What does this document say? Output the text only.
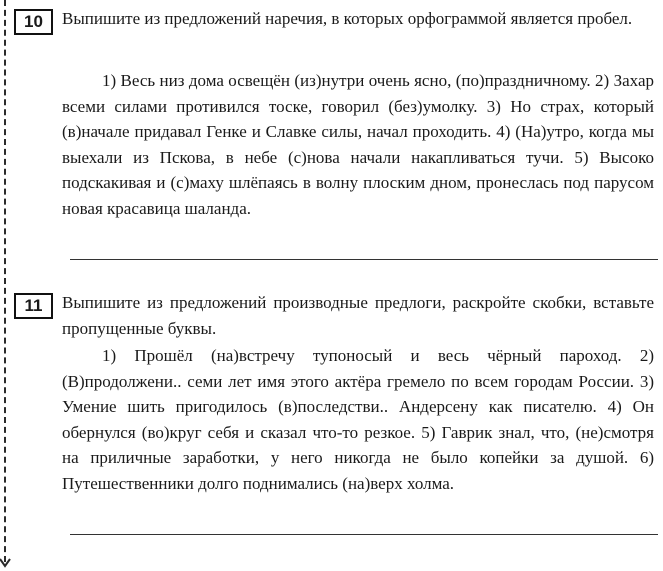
10	Выпишите из предложений наречия, в которых орфограммой является пробел.

1) Весь низ дома освещён (из)нутри очень ясно, (по)праздничному. 2) Захар всеми силами противился тоске, говорил (без)умолку. 3) Но страх, который (в)начале придавал Генке и Славке силы, начал проходить. 4) (На)утро, когда мы выехали из Пскова, в небе (с)нова начали накапливаться тучи. 5) Высоко подскакивая и (с)маху шлёпаясь в волну плоским дном, пронеслась под парусом новая красавица шаланда.

11	Выпишите из предложений производные предлоги, раскройте скобки, вставьте пропущенные буквы.

1) Прошёл (на)встречу тупоносый и весь чёрный пароход. 2) (В)продолжени.. семи лет имя этого актёра гремело по всем городам России. 3) Умение шить пригодилось (в)последстви.. Андерсену как писателю. 4) Он обернулся (во)круг себя и сказал что-то резкое. 5) Гаврик знал, что, (не)смотря на приличные заработки, у него никогда не было копейки за душой. 6) Путешественники долго поднимались (на)верх холма.
